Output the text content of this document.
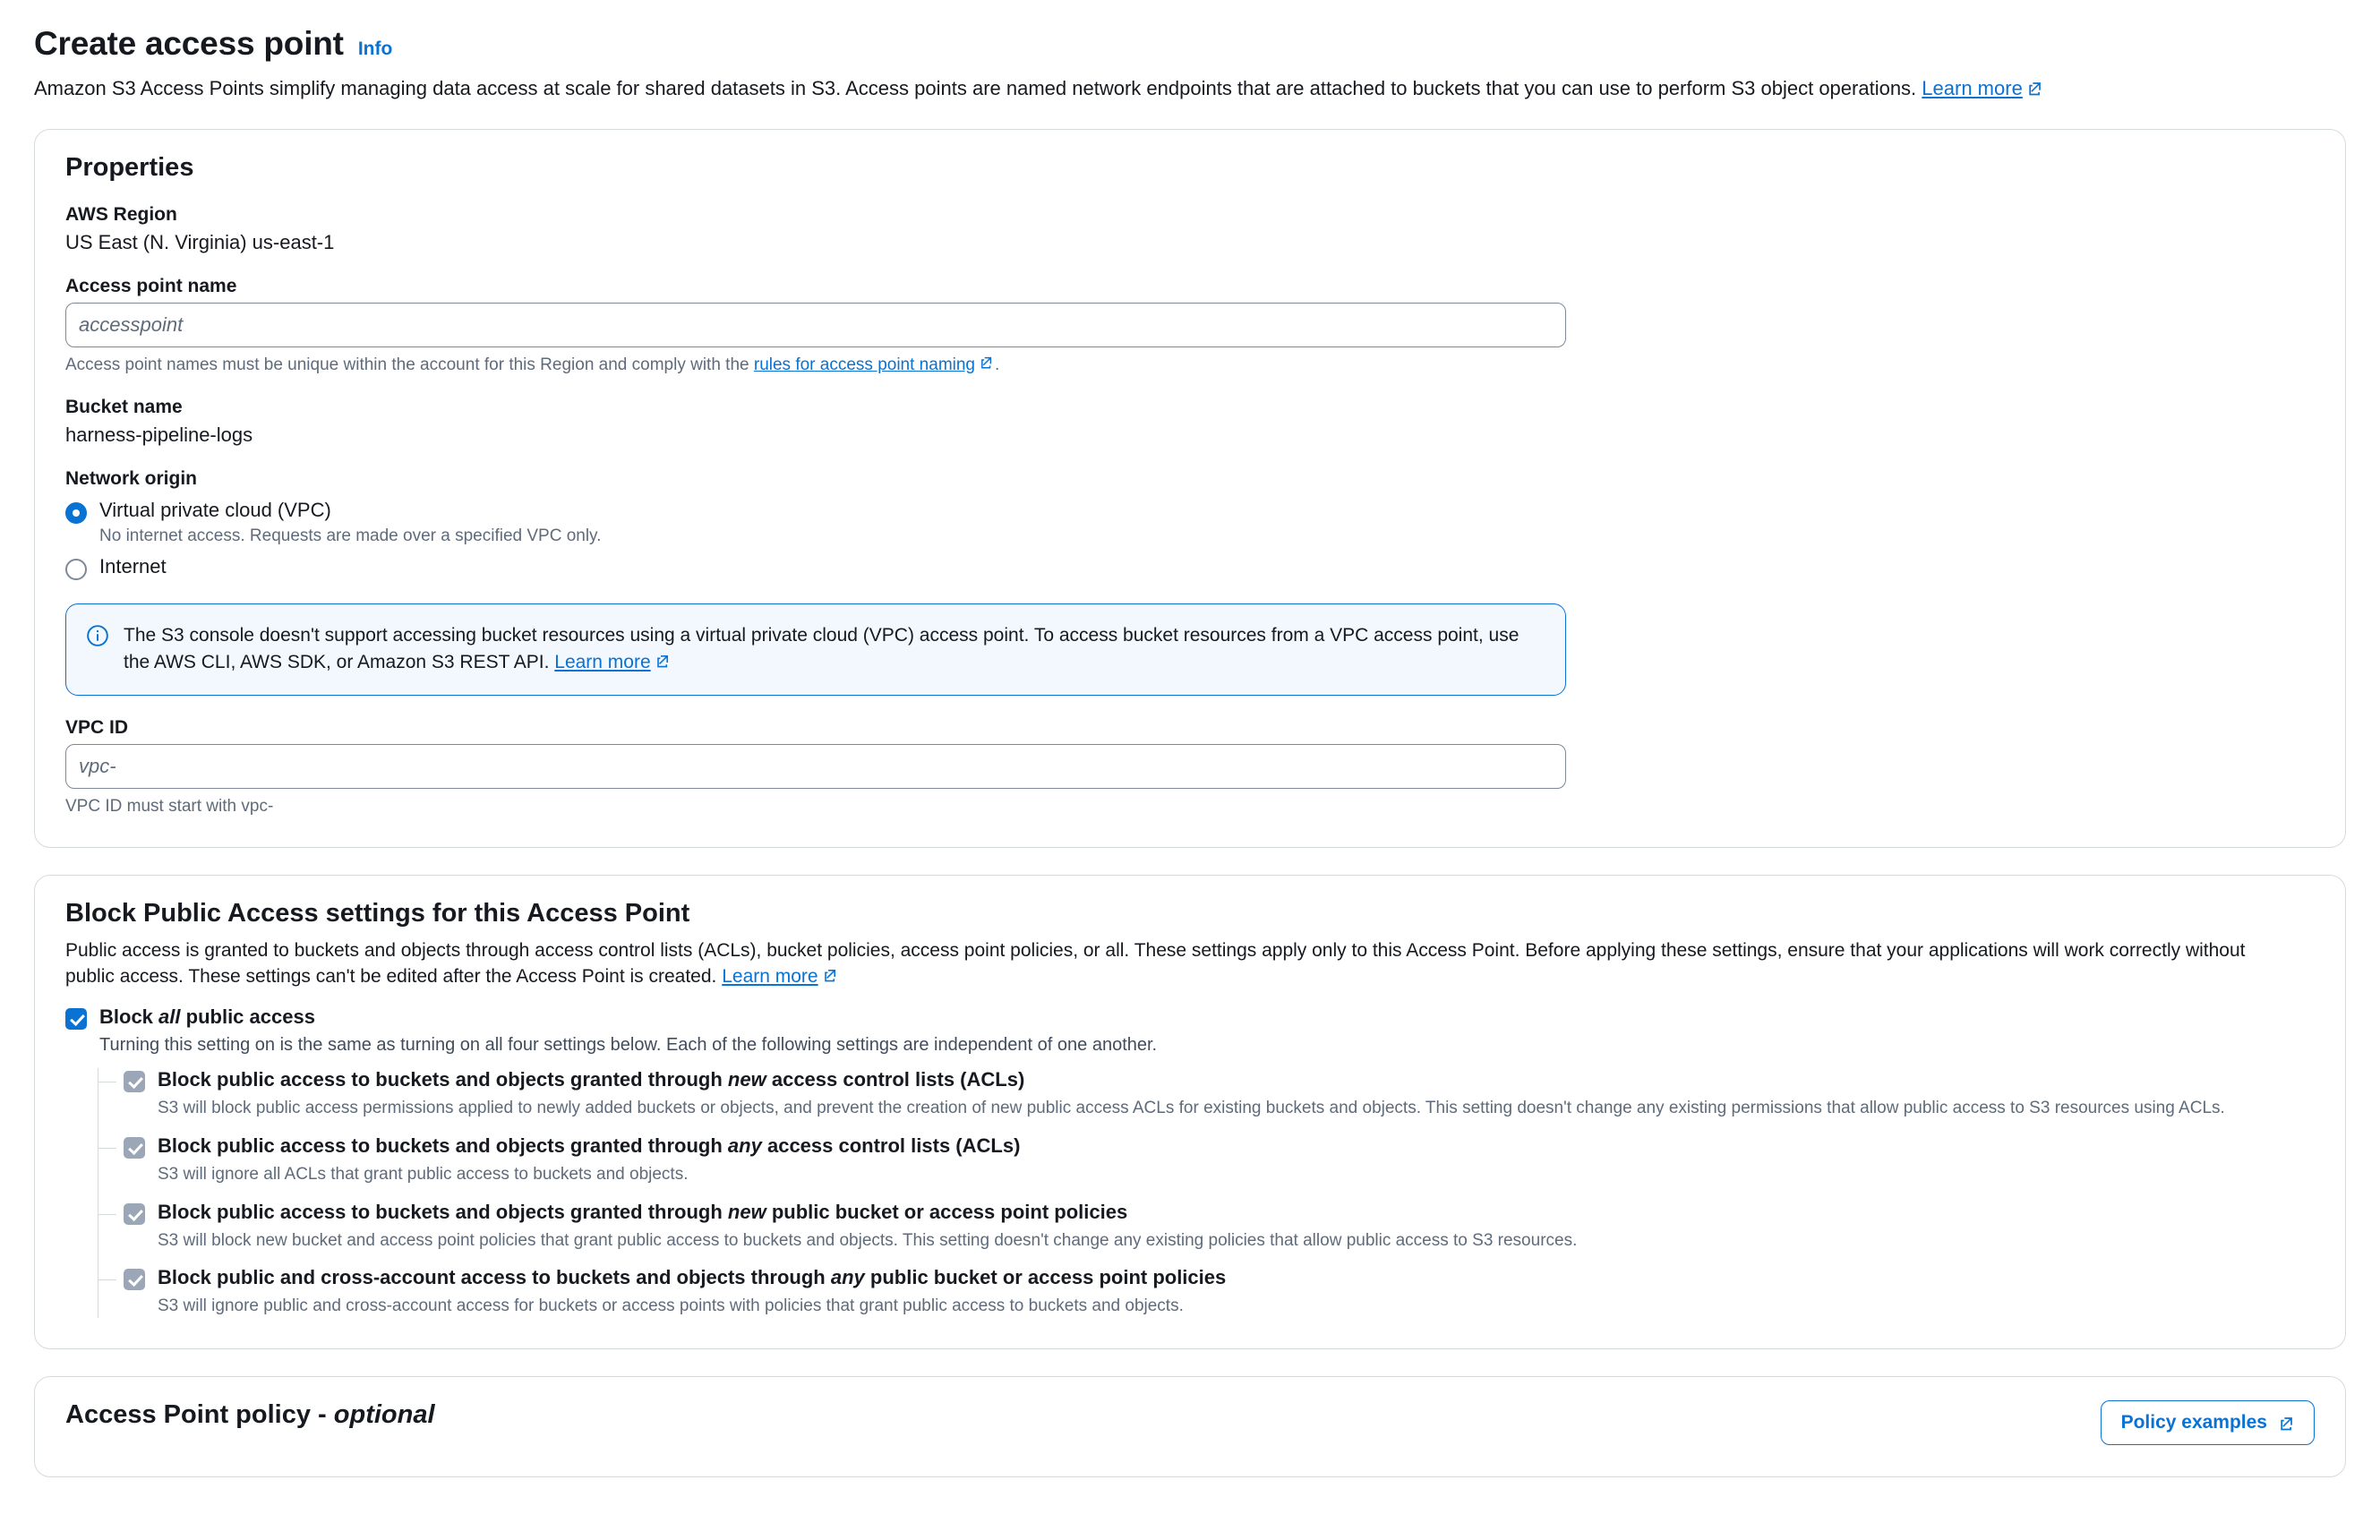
Create access point Info
Amazon S3 Access Points simplify managing data access at scale for shared datasets in S3. Access points are named network endpoints that are attached to buckets that you can use to perform S3 object operations. Learn more
Properties
AWS Region
US East (N. Virginia) us-east-1
Access point name
accesspoint
Access point names must be unique within the account for this Region and comply with the rules for access point naming .
Bucket name
harness-pipeline-logs
Network origin
Virtual private cloud (VPC)
No internet access. Requests are made over a specified VPC only.
Internet
The S3 console doesn't support accessing bucket resources using a virtual private cloud (VPC) access point. To access bucket resources from a VPC access point, use the AWS CLI, AWS SDK, or Amazon S3 REST API. Learn more
VPC ID
vpc-
VPC ID must start with vpc-
Block Public Access settings for this Access Point

Public access is granted to buckets and objects through access control lists (ACLs), bucket policies, access point policies, or all. These settings apply only to this Access Point. Before applying these settings, ensure that your applications will work correctly without public access. These settings can't be edited after the Access Point is created. Learn more

Block all public access
Turning this setting on is the same as turning on all four settings below. Each of the following settings are independent of one another.
Block public access to buckets and objects granted through new access control lists (ACLs)
S3 will block public access permissions applied to newly added buckets or objects, and prevent the creation of new public access ACLs for existing buckets and objects. This setting doesn't change any existing permissions that allow public access to S3 resources using ACLs.
Block public access to buckets and objects granted through any access control lists (ACLs)
S3 will ignore all ACLs that grant public access to buckets and objects.
Block public access to buckets and objects granted through new public bucket or access point policies
S3 will block new bucket and access point policies that grant public access to buckets and objects. This setting doesn't change any existing policies that allow public access to S3 resources.
Block public and cross-account access to buckets and objects through any public bucket or access point policies
S3 will ignore public and cross-account access for buckets or access points with policies that grant public access to buckets and objects.
Access Point policy - optional	Policy examples
